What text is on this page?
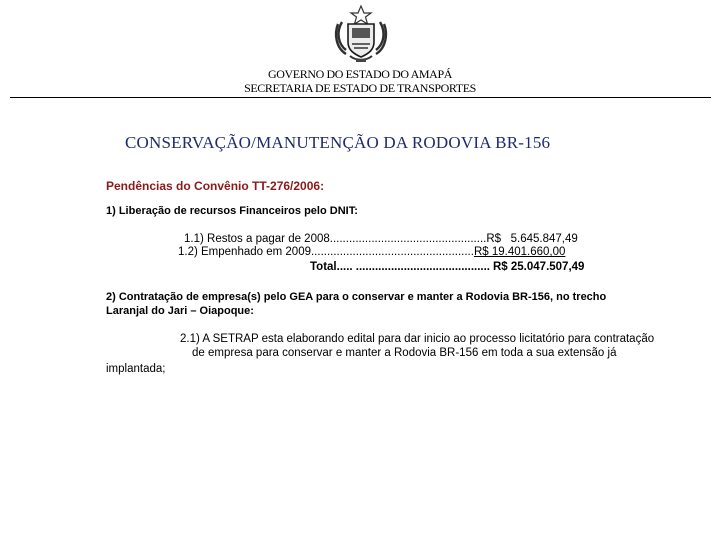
GOVERNO DO ESTADO DO AMAPÁ
SECRETARIA DE ESTADO DE TRANSPORTES
CONSERVAÇÃO/MANUTENÇÃO DA RODOVIA BR-156
Pendências do Convênio TT-276/2006:
1) Liberação de recursos Financeiros pelo DNIT:
1.1) Restos a pagar de 2008.................................................R$   5.645.847,49
1.2) Empenhado em 2009...................................................R$ 19.401.660,00
Total..... .......................................... R$ 25.047.507,49
2) Contratação de empresa(s) pelo GEA para o conservar e manter a Rodovia BR-156, no trecho
Laranjal do Jari – Oiapoque:
2.1) A SETRAP esta elaborando edital para dar inicio ao processo licitatório para contratação
de empresa para conservar e manter a Rodovia BR-156 em toda a sua extensão já
implantada;
